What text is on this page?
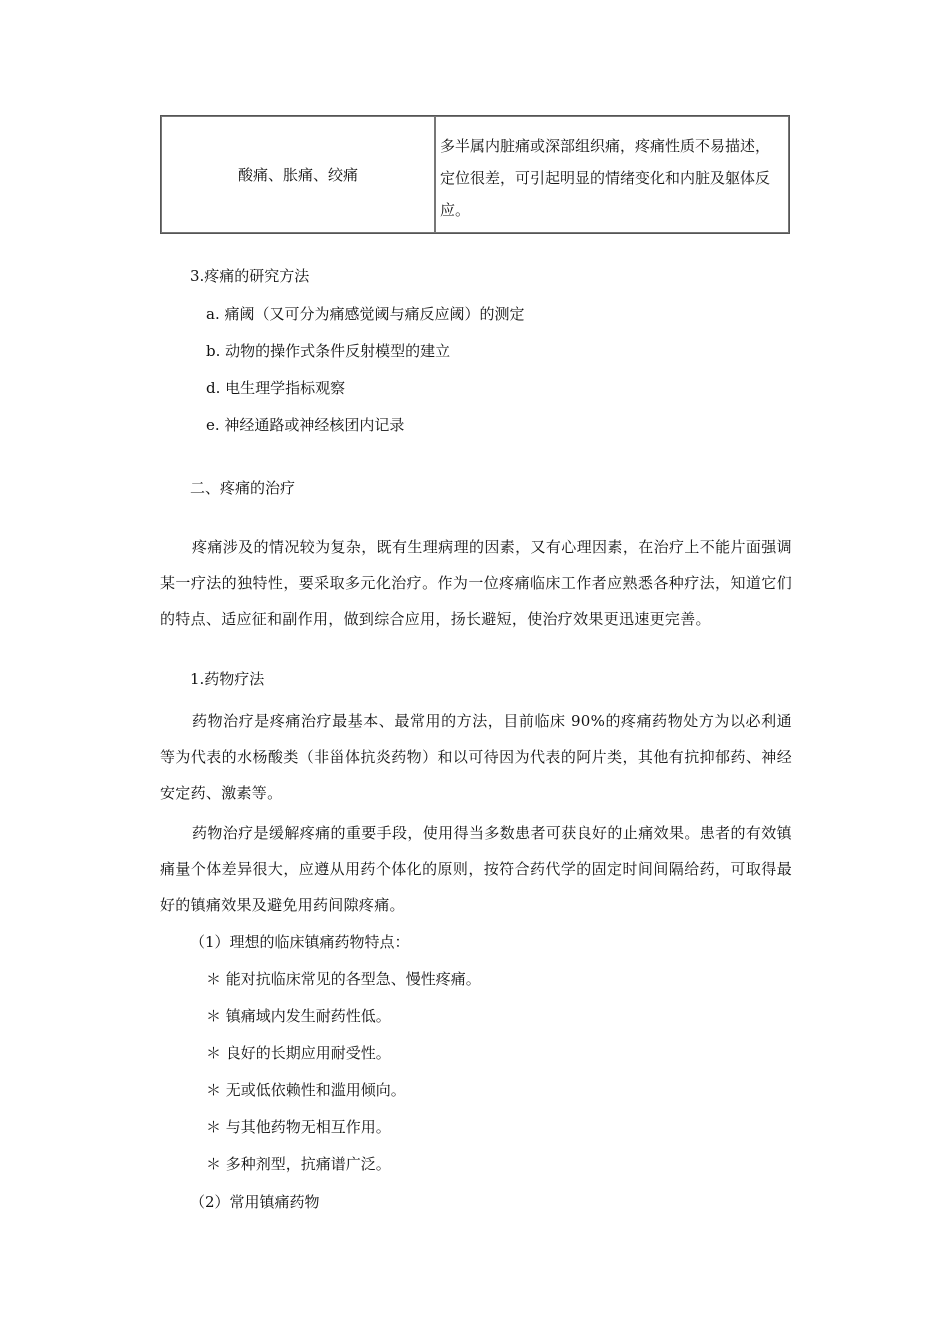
酸痛、胀痛、绞痛	多半属内脏痛或深部组织痛，疼痛性质不易描述，定位很差，可引起明显的情绪变化和内脏及躯体反应。
3.疼痛的研究方法
a. 痛阈（又可分为痛感觉阈与痛反应阈）的测定
b. 动物的操作式条件反射模型的建立
d. 电生理学指标观察
e. 神经通路或神经核团内记录
二、疼痛的治疗
疼痛涉及的情况较为复杂，既有生理病理的因素，又有心理因素，在治疗上不能片面强调某一疗法的独特性，要采取多元化治疗。作为一位疼痛临床工作者应熟悉各种疗法，知道它们的特点、适应征和副作用，做到综合应用，扬长避短，使治疗效果更迅速更完善。
1.药物疗法
药物治疗是疼痛治疗最基本、最常用的方法，目前临床 90%的疼痛药物处方为以必利通等为代表的水杨酸类（非甾体抗炎药物）和以可待因为代表的阿片类，其他有抗抑郁药、神经安定药、激素等。
药物治疗是缓解疼痛的重要手段，使用得当多数患者可获良好的止痛效果。患者的有效镇痛量个体差异很大，应遵从用药个体化的原则，按符合药代学的固定时间间隔给药，可取得最好的镇痛效果及避免用药间隙疼痛。
（1）理想的临床镇痛药物特点：
＊ 能对抗临床常见的各型急、慢性疼痛。
＊ 镇痛域内发生耐药性低。
＊ 良好的长期应用耐受性。
＊ 无或低依赖性和滥用倾向。
＊ 与其他药物无相互作用。
＊ 多种剂型，抗痛谱广泛。
（2）常用镇痛药物
